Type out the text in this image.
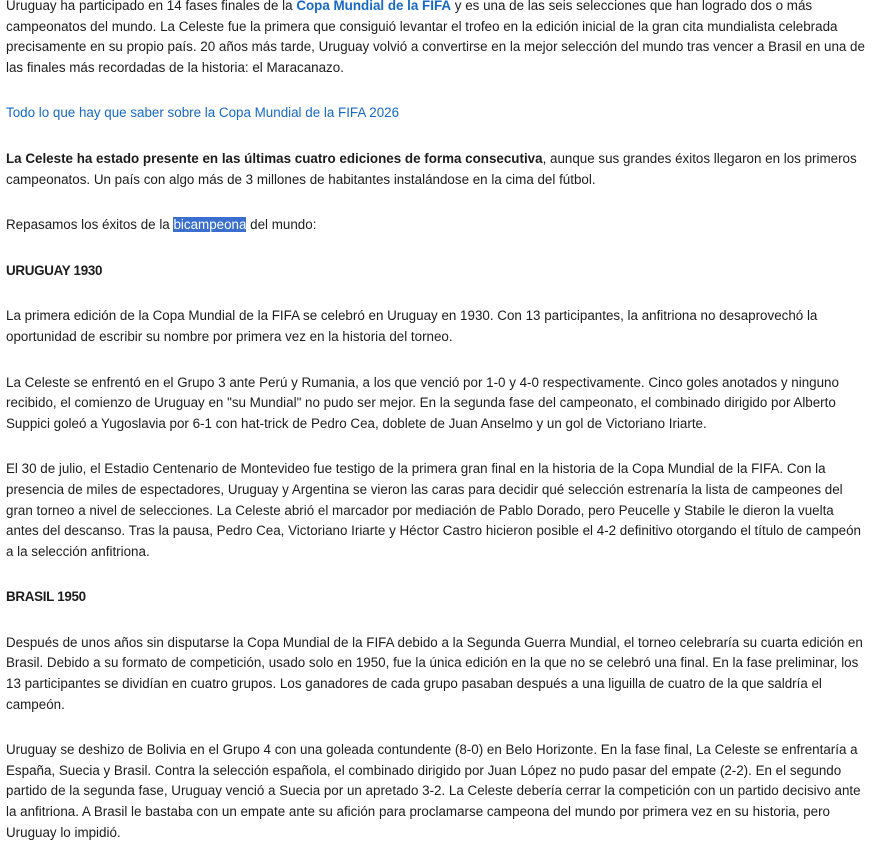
Uruguay ha participado en 14 fases finales de la Copa Mundial de la FIFA y es una de las seis selecciones que han logrado dos o más campeonatos del mundo. La Celeste fue la primera que consiguió levantar el trofeo en la edición inicial de la gran cita mundialista celebrada precisamente en su propio país. 20 años más tarde, Uruguay volvió a convertirse en la mejor selección del mundo tras vencer a Brasil en una de las finales más recordadas de la historia: el Maracanazo.

Todo lo que hay que saber sobre la Copa Mundial de la FIFA 2026

La Celeste ha estado presente en las últimas cuatro ediciones de forma consecutiva, aunque sus grandes éxitos llegaron en los primeros campeonatos. Un país con algo más de 3 millones de habitantes instalándose en la cima del fútbol.

Repasamos los éxitos de la bicampeona del mundo:

URUGUAY 1930

La primera edición de la Copa Mundial de la FIFA se celebró en Uruguay en 1930. Con 13 participantes, la anfitriona no desaprovechó la oportunidad de escribir su nombre por primera vez en la historia del torneo.

La Celeste se enfrentó en el Grupo 3 ante Perú y Rumania, a los que venció por 1-0 y 4-0 respectivamente. Cinco goles anotados y ninguno recibido, el comienzo de Uruguay en "su Mundial" no pudo ser mejor. En la segunda fase del campeonato, el combinado dirigido por Alberto Suppici goleó a Yugoslavia por 6-1 con hat-trick de Pedro Cea, doblete de Juan Anselmo y un gol de Victoriano Iriarte.

El 30 de julio, el Estadio Centenario de Montevideo fue testigo de la primera gran final en la historia de la Copa Mundial de la FIFA. Con la presencia de miles de espectadores, Uruguay y Argentina se vieron las caras para decidir qué selección estrenaría la lista de campeones del gran torneo a nivel de selecciones. La Celeste abrió el marcador por mediación de Pablo Dorado, pero Peucelle y Stabile le dieron la vuelta antes del descanso. Tras la pausa, Pedro Cea, Victoriano Iriarte y Héctor Castro hicieron posible el 4-2 definitivo otorgando el título de campeón a la selección anfitriona.

BRASIL 1950

Después de unos años sin disputarse la Copa Mundial de la FIFA debido a la Segunda Guerra Mundial, el torneo celebraría su cuarta edición en Brasil. Debido a su formato de competición, usado solo en 1950, fue la única edición en la que no se celebró una final. En la fase preliminar, los 13 participantes se dividían en cuatro grupos. Los ganadores de cada grupo pasaban después a una liguilla de cuatro de la que saldría el campeón.

Uruguay se deshizo de Bolivia en el Grupo 4 con una goleada contundente (8-0) en Belo Horizonte. En la fase final, La Celeste se enfrentaría a España, Suecia y Brasil. Contra la selección española, el combinado dirigido por Juan López no pudo pasar del empate (2-2). En el segundo partido de la segunda fase, Uruguay venció a Suecia por un apretado 3-2. La Celeste debería cerrar la competición con un partido decisivo ante la anfitriona. A Brasil le bastaba con un empate ante su afición para proclamarse campeona del mundo por primera vez en su historia, pero Uruguay lo impidió.
